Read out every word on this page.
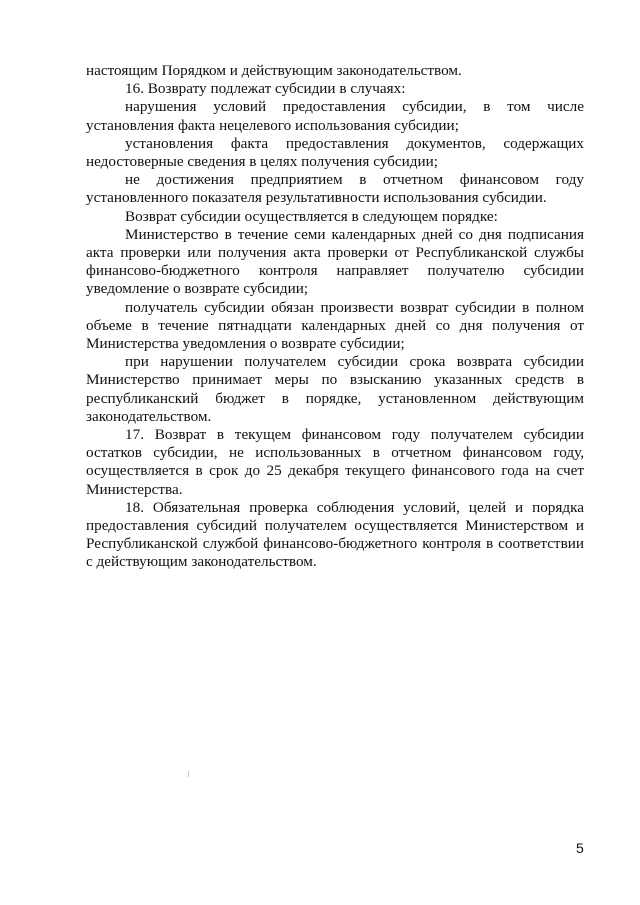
настоящим Порядком и действующим законодательством.

16. Возврату подлежат субсидии в случаях:

нарушения условий предоставления субсидии, в том числе установления факта нецелевого использования субсидии;

установления факта предоставления документов, содержащих недостоверные сведения в целях получения субсидии;

не достижения предприятием в отчетном финансовом году установленного показателя результативности использования субсидии.

Возврат субсидии осуществляется в следующем порядке:

Министерство в течение семи календарных дней со дня подписания акта проверки или получения акта проверки от Республиканской службы финансово-бюджетного контроля направляет получателю субсидии уведомление о возврате субсидии;

получатель субсидии обязан произвести возврат субсидии в полном объеме в течение пятнадцати календарных дней со дня получения от Министерства уведомления о возврате субсидии;

при нарушении получателем субсидии срока возврата субсидии Министерство принимает меры по взысканию указанных средств в республиканский бюджет в порядке, установленном действующим законодательством.

17. Возврат в текущем финансовом году получателем субсидии остатков субсидии, не использованных в отчетном финансовом году, осуществляется в срок до 25 декабря текущего финансового года на счет Министерства.

18. Обязательная проверка соблюдения условий, целей и порядка предоставления субсидий получателем осуществляется Министерством и Республиканской службой финансово-бюджетного контроля в соответствии с действующим законодательством.

5
